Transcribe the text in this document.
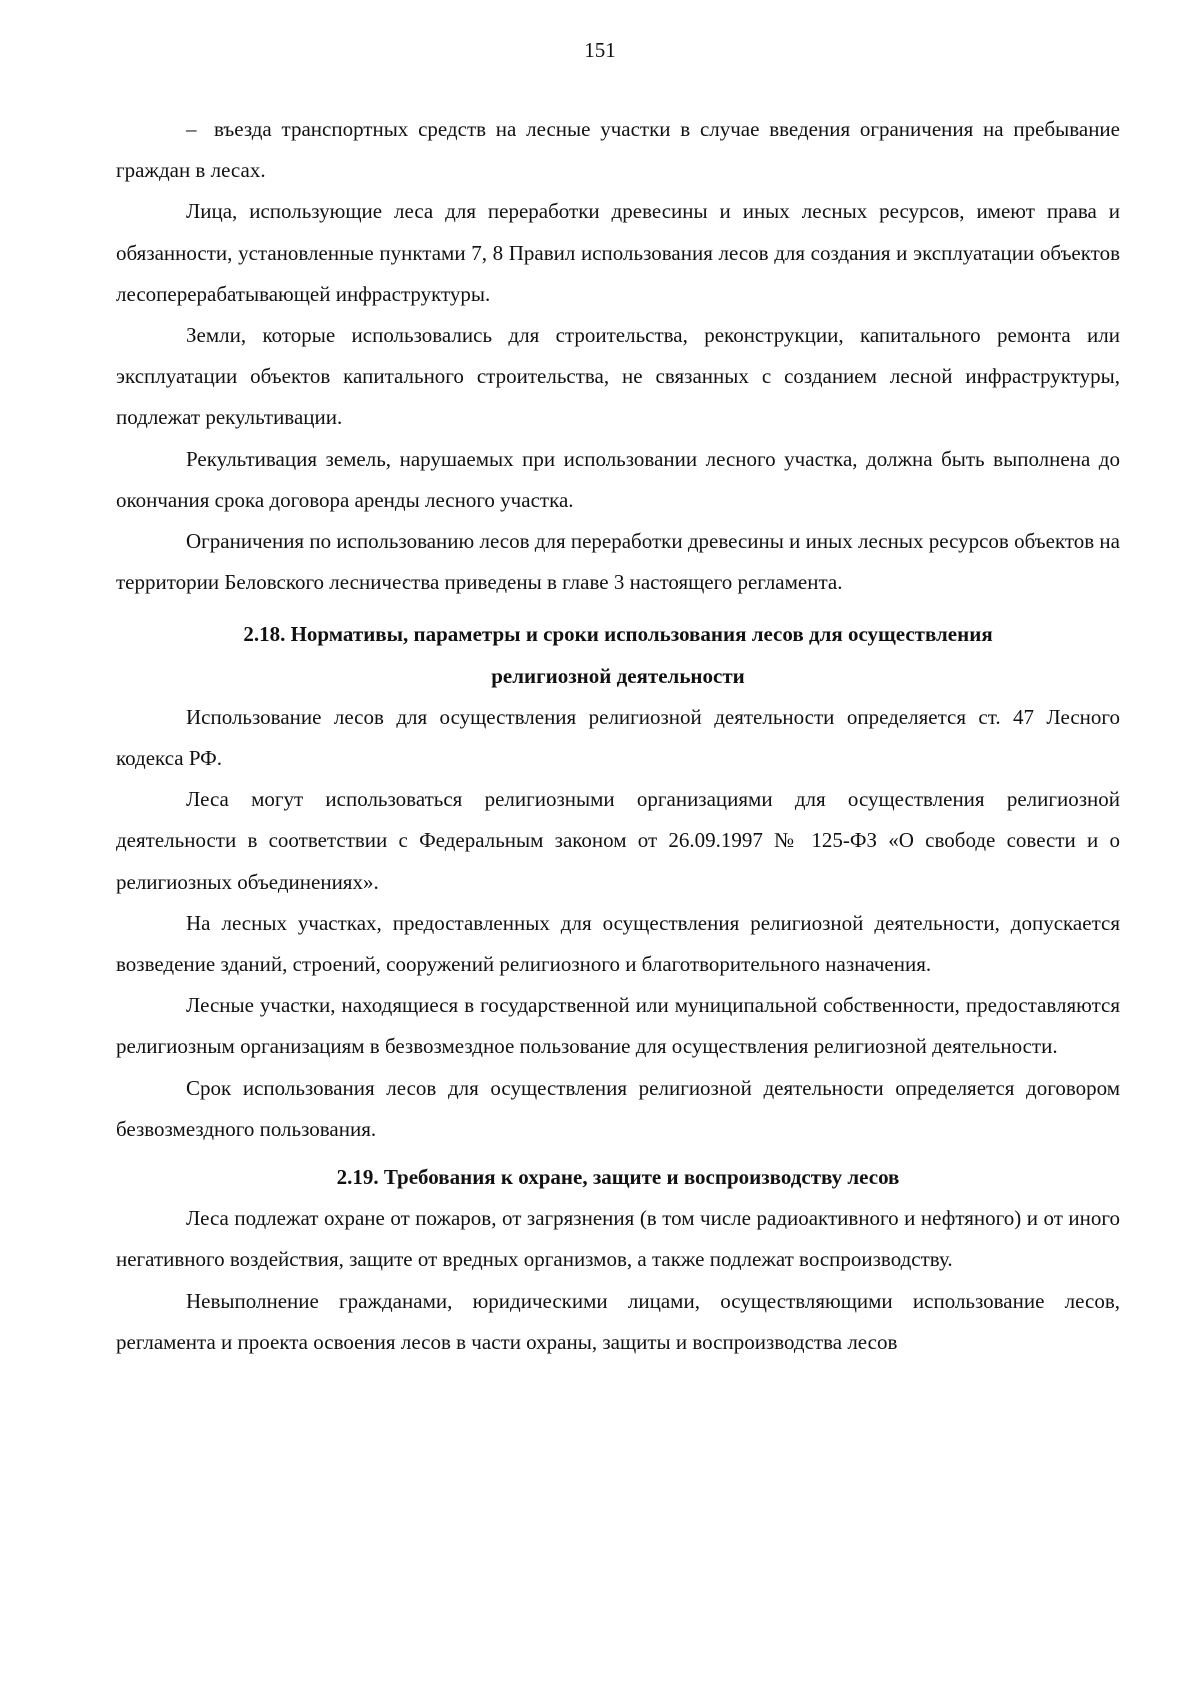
151

– въезда транспортных средств на лесные участки в случае введения ограничения на пребывание граждан в лесах.

Лица, использующие леса для переработки древесины и иных лесных ресурсов, имеют права и обязанности, установленные пунктами 7, 8 Правил использования лесов для создания и эксплуатации объектов лесоперерабатывающей инфраструктуры.

Земли, которые использовались для строительства, реконструкции, капитального ремонта или эксплуатации объектов капитального строительства, не связанных с созданием лесной инфраструктуры, подлежат рекультивации.

Рекультивация земель, нарушаемых при использовании лесного участка, должна быть выполнена до окончания срока договора аренды лесного участка.

Ограничения по использованию лесов для переработки древесины и иных лесных ресурсов объектов на территории Беловского лесничества приведены в главе 3 настоящего регламента.

2.18. Нормативы, параметры и сроки использования лесов для осуществления
религиозной деятельности

Использование лесов для осуществления религиозной деятельности определяется ст. 47 Лесного кодекса РФ.

Леса могут использоваться религиозными организациями для осуществления религиозной деятельности в соответствии с Федеральным законом от 26.09.1997 № 125-ФЗ «О свободе совести и о религиозных объединениях».

На лесных участках, предоставленных для осуществления религиозной деятельности, допускается возведение зданий, строений, сооружений религиозного и благотворительного назначения.

Лесные участки, находящиеся в государственной или муниципальной собственности, предоставляются религиозным организациям в безвозмездное пользование для осуществления религиозной деятельности.

Срок использования лесов для осуществления религиозной деятельности определяется договором безвозмездного пользования.

2.19. Требования к охране, защите и воспроизводству лесов

Леса подлежат охране от пожаров, от загрязнения (в том числе радиоактивного и нефтяного) и от иного негативного воздействия, защите от вредных организмов, а также подлежат воспроизводству.

Невыполнение гражданами, юридическими лицами, осуществляющими использование лесов, регламента и проекта освоения лесов в части охраны, защиты и воспроизводства лесов
